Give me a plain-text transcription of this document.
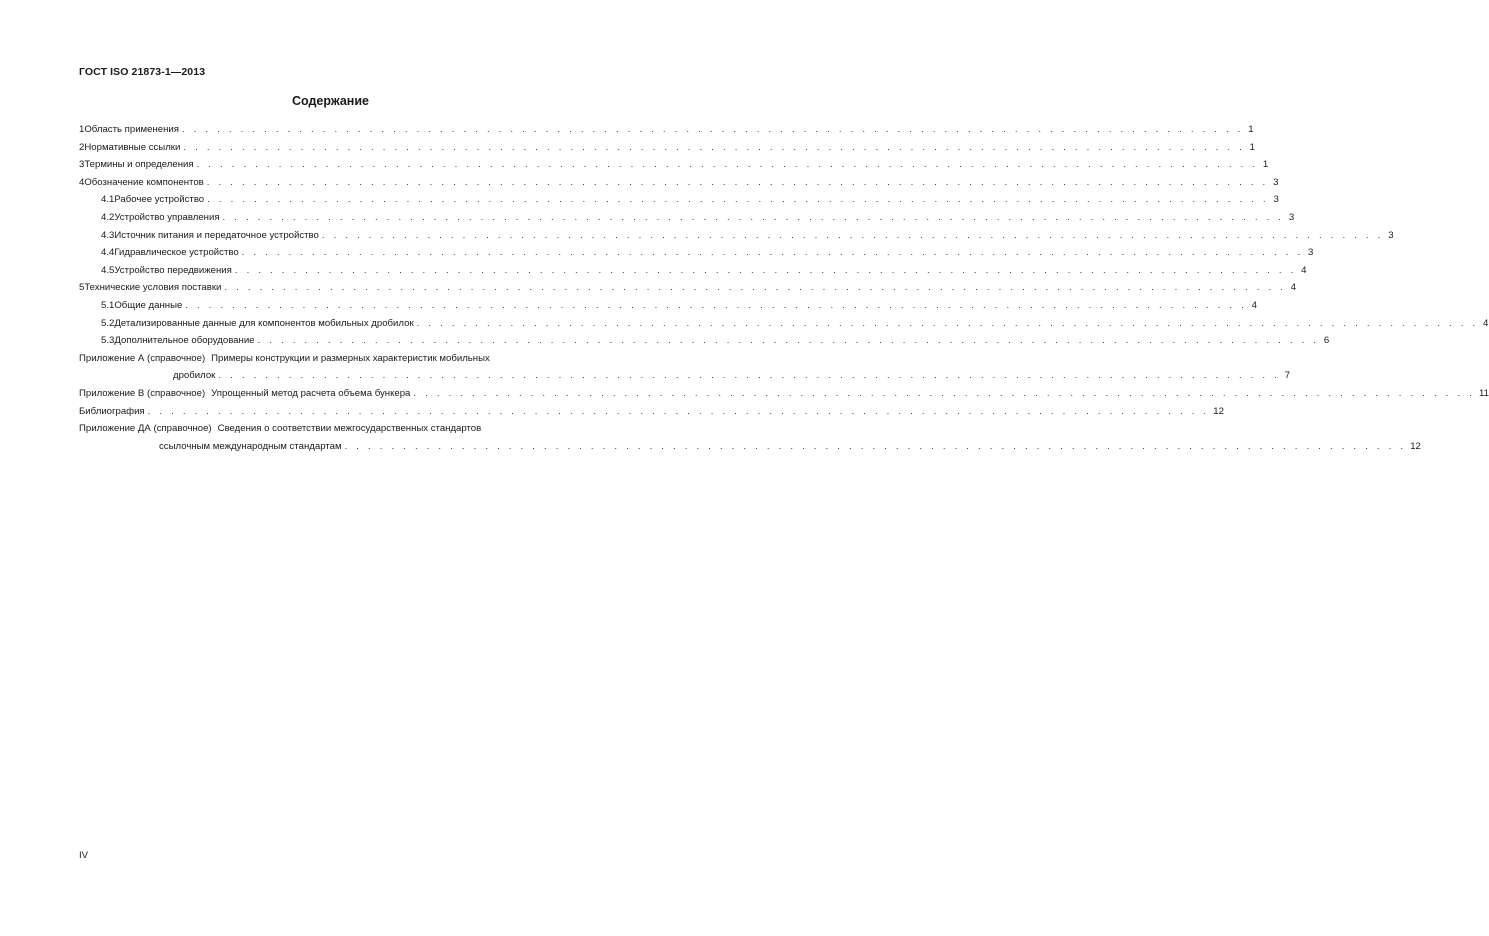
ГОСТ ISO 21873-1—2013
Содержание
1 Область применения . . . . . . . . . . . . . . . . . . . . . . . . . . . . . . . . . . . . . . . . . . . . . . . . . . . . . . . . . . . . . . . . . . . . . . . . . . . . . . . . . . . . . . . . . . . 1
2 Нормативные ссылки . . . . . . . . . . . . . . . . . . . . . . . . . . . . . . . . . . . . . . . . . . . . . . . . . . . . . . . . . . . . . . . . . . . . . . . . . . . . . . . . . . . . . . . . . . . 1
3 Термины и определения . . . . . . . . . . . . . . . . . . . . . . . . . . . . . . . . . . . . . . . . . . . . . . . . . . . . . . . . . . . . . . . . . . . . . . . . . . . . . . . . . . . . . . . . . . . 1
4 Обозначение компонентов . . . . . . . . . . . . . . . . . . . . . . . . . . . . . . . . . . . . . . . . . . . . . . . . . . . . . . . . . . . . . . . . . . . . . . . . . . . . . . . . . . . . . . . . . . . 3
4.1 Рабочее устройство . . . . . . . . . . . . . . . . . . . . . . . . . . . . . . . . . . . . . . . . . . . . . . . . . . . . . . . . . . . . . . . . . . . . . . . . . . . . . . . . . . . . . . . . . . . 3
4.2 Устройство управления . . . . . . . . . . . . . . . . . . . . . . . . . . . . . . . . . . . . . . . . . . . . . . . . . . . . . . . . . . . . . . . . . . . . . . . . . . . . . . . . . . . . . . . . . . . 3
4.3 Источник питания и передаточное устройство . . . . . . . . . . . . . . . . . . . . . . . . . . . . . . . . . . . . . . . . . . . . . . . . . . . . . . . . . . . . . . . . . . . . . . . . . . . . . . . . . . . . . . . . . . . 3
4.4 Гидравлическое устройство . . . . . . . . . . . . . . . . . . . . . . . . . . . . . . . . . . . . . . . . . . . . . . . . . . . . . . . . . . . . . . . . . . . . . . . . . . . . . . . . . . . . . . . . . . . 3
4.5 Устройство передвижения . . . . . . . . . . . . . . . . . . . . . . . . . . . . . . . . . . . . . . . . . . . . . . . . . . . . . . . . . . . . . . . . . . . . . . . . . . . . . . . . . . . . . . . . . . . 4
5 Технические условия поставки . . . . . . . . . . . . . . . . . . . . . . . . . . . . . . . . . . . . . . . . . . . . . . . . . . . . . . . . . . . . . . . . . . . . . . . . . . . . . . . . . . . . . . . . . . . 4
5.1 Общие данные . . . . . . . . . . . . . . . . . . . . . . . . . . . . . . . . . . . . . . . . . . . . . . . . . . . . . . . . . . . . . . . . . . . . . . . . . . . . . . . . . . . . . . . . . . . 4
5.2 Детализированные данные для компонентов мобильных дробилок . . . . . . . . . . . . . . . . . . . . . . . . . . . . . . . . . . . . . . . . . . . . . . . . . . . . . . . . . . . . . . . . . . . . . . . . . . . . . . . . . . . . . . . . . . . 4
5.3 Дополнительное оборудование . . . . . . . . . . . . . . . . . . . . . . . . . . . . . . . . . . . . . . . . . . . . . . . . . . . . . . . . . . . . . . . . . . . . . . . . . . . . . . . . . . . . . . . . . . . 6
Приложение А (справочное) Примеры конструкции и размерных характеристик мобильных
дробилок . . . . . . . . . . . . . . . . . . . . . . . . . . . . . . . . . . . . . . . . . . . . . . . . . . . . . . . . . . . . . . . . . . . . . . . . . . . . . . . . . . . . . . . . . . . 7
Приложение В (справочное) Упрощенный метод расчета объема бункера . . . . . . . . . . . . . . . . . . . . . . . . . . . . . . . . . . . . . . . . . . . . . . . . . . . . . . . . . . . . . . . . . . . . . . . . . . . . . . . . . . . . . . . . . . . 11
Библиография . . . . . . . . . . . . . . . . . . . . . . . . . . . . . . . . . . . . . . . . . . . . . . . . . . . . . . . . . . . . . . . . . . . . . . . . . . . . . . . . . . . . . . . . . . . 12
Приложение ДА (справочное) Сведения о соответствии межгосударственных стандартов
ссылочным международным стандартам . . . . . . . . . . . . . . . . . . . . . . . . . . . . . . . . . . . . . . . . . . . . . . . . . . . . . . . . . . . . . . . . . . . . . . . . . . . . . . . . . . . . . . . . . . . 12
IV
